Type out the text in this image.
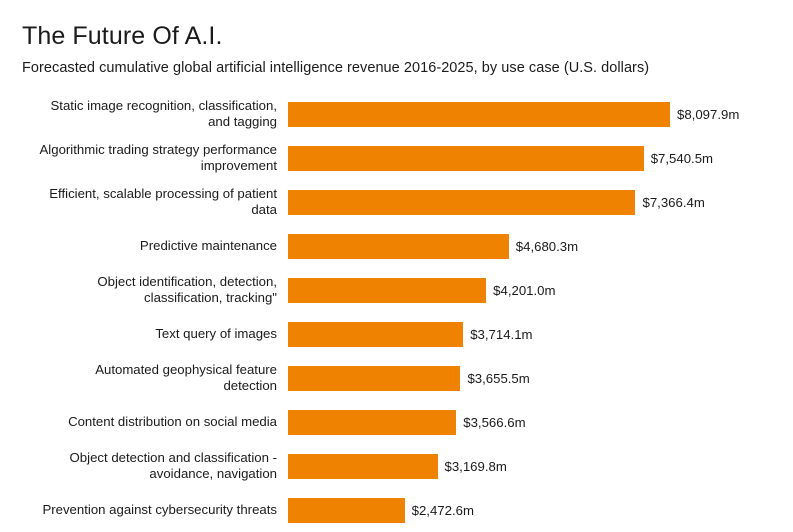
The Future Of A.I.
Forecasted cumulative global artificial intelligence revenue 2016-2025, by use case (U.S. dollars)
Static image recognition, classification,
and tagging	$8,097.9m
Algorithmic trading strategy performance
improvement	$7,540.5m
Efficient, scalable processing of patient
data	$7,366.4m
Predictive maintenance	$4,680.3m
Object identification, detection,
classification, tracking"	$4,201.0m
Text query of images	$3,714.1m
Automated geophysical feature
detection	$3,655.5m
Content distribution on social media	$3,566.6m
Object detection and classification -
avoidance, navigation	$3,169.8m
Prevention against cybersecurity threats	$2,472.6m
